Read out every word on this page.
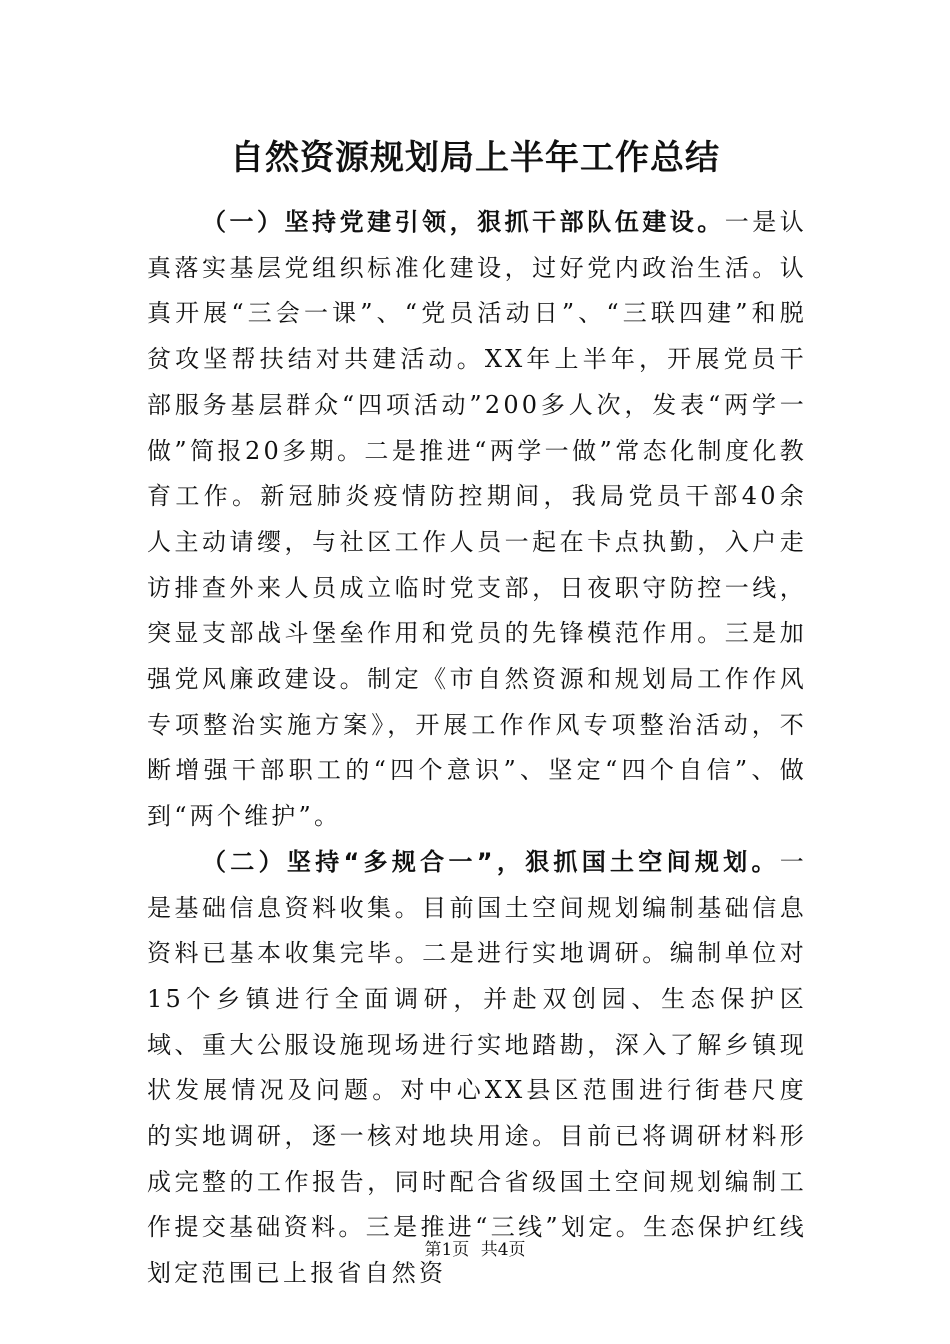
自然资源规划局上半年工作总结

（一）坚持党建引领，狠抓干部队伍建设。一是认真落实基层党组织标准化建设，过好党内政治生活。认真开展“三会一课”、“党员活动日”、“三联四建”和脱贫攻坚帮扶结对共建活动。XX年上半年，开展党员干部服务基层群众“四项活动”200多人次，发表“两学一做”简报20多期。二是推进“两学一做”常态化制度化教育工作。新冠肺炎疫情防控期间，我局党员干部40余人主动请缨，与社区工作人员一起在卡点执勤，入户走访排查外来人员成立临时党支部，日夜职守防控一线，突显支部战斗堡垒作用和党员的先锋模范作用。三是加强党风廉政建设。制定《市自然资源和规划局工作作风专项整治实施方案》，开展工作作风专项整治活动，不断增强干部职工的“四个意识”、坚定“四个自信”、做到“两个维护”。

（二）坚持“多规合一”，狠抓国土空间规划。一是基础信息资料收集。目前国土空间规划编制基础信息资料已基本收集完毕。二是进行实地调研。编制单位对15个乡镇进行全面调研，并赴双创园、生态保护区域、重大公服设施现场进行实地踏勘，深入了解乡镇现状发展情况及问题。对中心XX县区范围进行街巷尺度的实地调研，逐一核对地块用途。目前已将调研材料形成完整的工作报告，同时配合省级国土空间规划编制工作提交基础资料。三是推进“三线”划定。生态保护红线划定范围已上报省自然资

第1页 共4页
